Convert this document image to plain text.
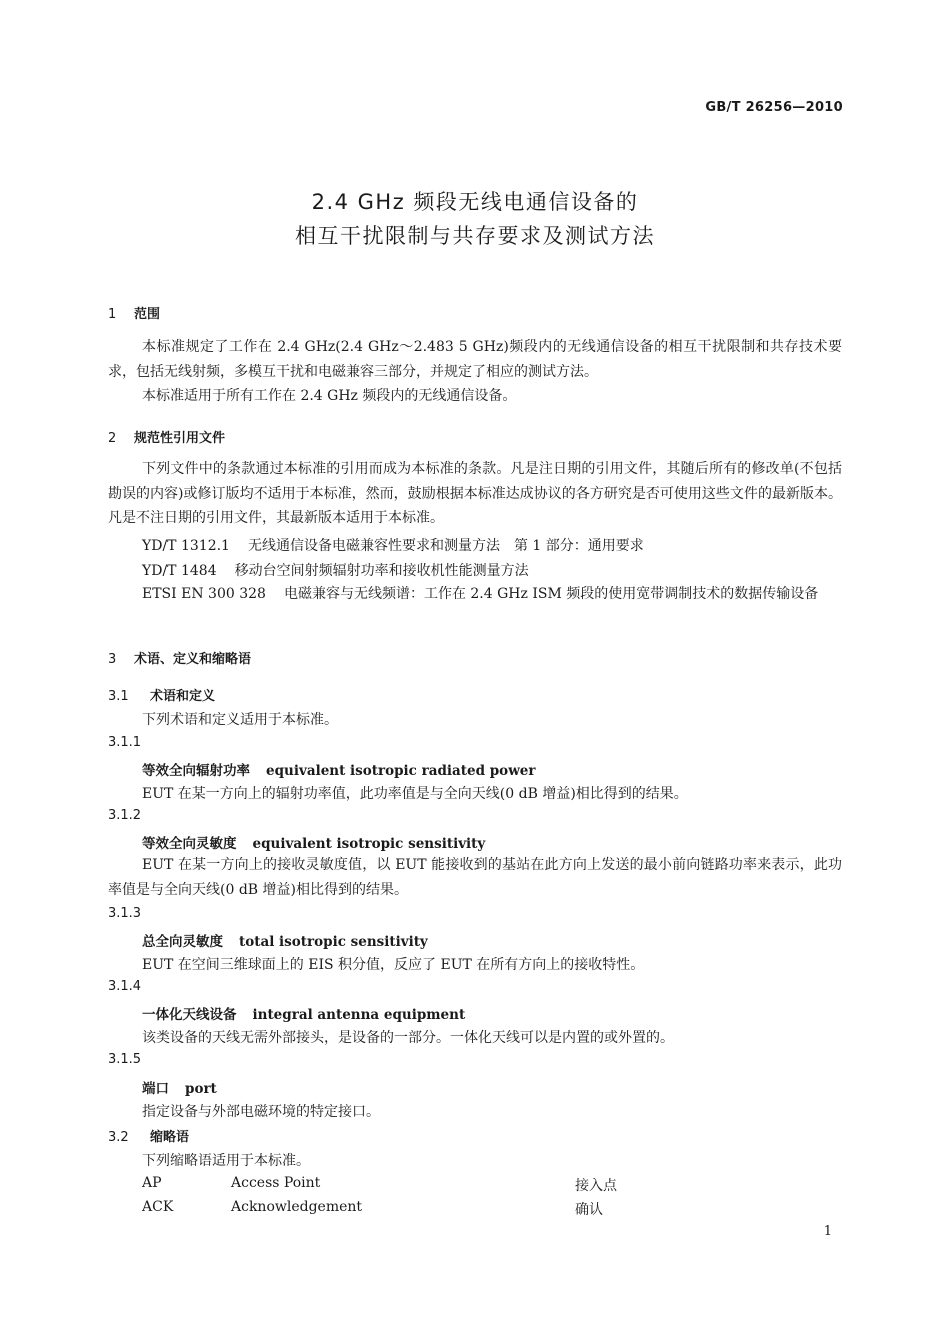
GB/T 26256—2010
2.4 GHz 频段无线电通信设备的
相互干扰限制与共存要求及测试方法
1 范围
本标准规定了工作在 2.4 GHz(2.4 GHz～2.483 5 GHz)频段内的无线通信设备的相互干扰限制和共存技术要求，包括无线射频，多模互干扰和电磁兼容三部分，并规定了相应的测试方法。
本标准适用于所有工作在 2.4 GHz 频段内的无线通信设备。
2 规范性引用文件
下列文件中的条款通过本标准的引用而成为本标准的条款。凡是注日期的引用文件，其随后所有的修改单(不包括勘误的内容)或修订版均不适用于本标准，然而，鼓励根据本标准达成协议的各方研究是否可使用这些文件的最新版本。凡是不注日期的引用文件，其最新版本适用于本标准。
YD/T 1312.1 无线通信设备电磁兼容性要求和测量方法　第 1 部分：通用要求
YD/T 1484 移动台空间射频辐射功率和接收机性能测量方法
ETSI EN 300 328 电磁兼容与无线频谱：工作在 2.4 GHz ISM 频段的使用宽带调制技术的数据传输设备
3 术语、定义和缩略语
3.1 术语和定义
下列术语和定义适用于本标准。
3.1.1
等效全向辐射功率 equivalent isotropic radiated power
EUT 在某一方向上的辐射功率值，此功率值是与全向天线(0 dB 增益)相比得到的结果。
3.1.2
等效全向灵敏度 equivalent isotropic sensitivity
EUT 在某一方向上的接收灵敏度值，以 EUT 能接收到的基站在此方向上发送的最小前向链路功率来表示，此功率值是与全向天线(0 dB 增益)相比得到的结果。
3.1.3
总全向灵敏度 total isotropic sensitivity
EUT 在空间三维球面上的 EIS 积分值，反应了 EUT 在所有方向上的接收特性。
3.1.4
一体化天线设备 integral antenna equipment
该类设备的天线无需外部接头，是设备的一部分。一体化天线可以是内置的或外置的。
3.1.5
端口 port
指定设备与外部电磁环境的特定接口。
3.2 缩略语
下列缩略语适用于本标准。
AP	Access Point	接入点
ACK	Acknowledgement	确认
1
